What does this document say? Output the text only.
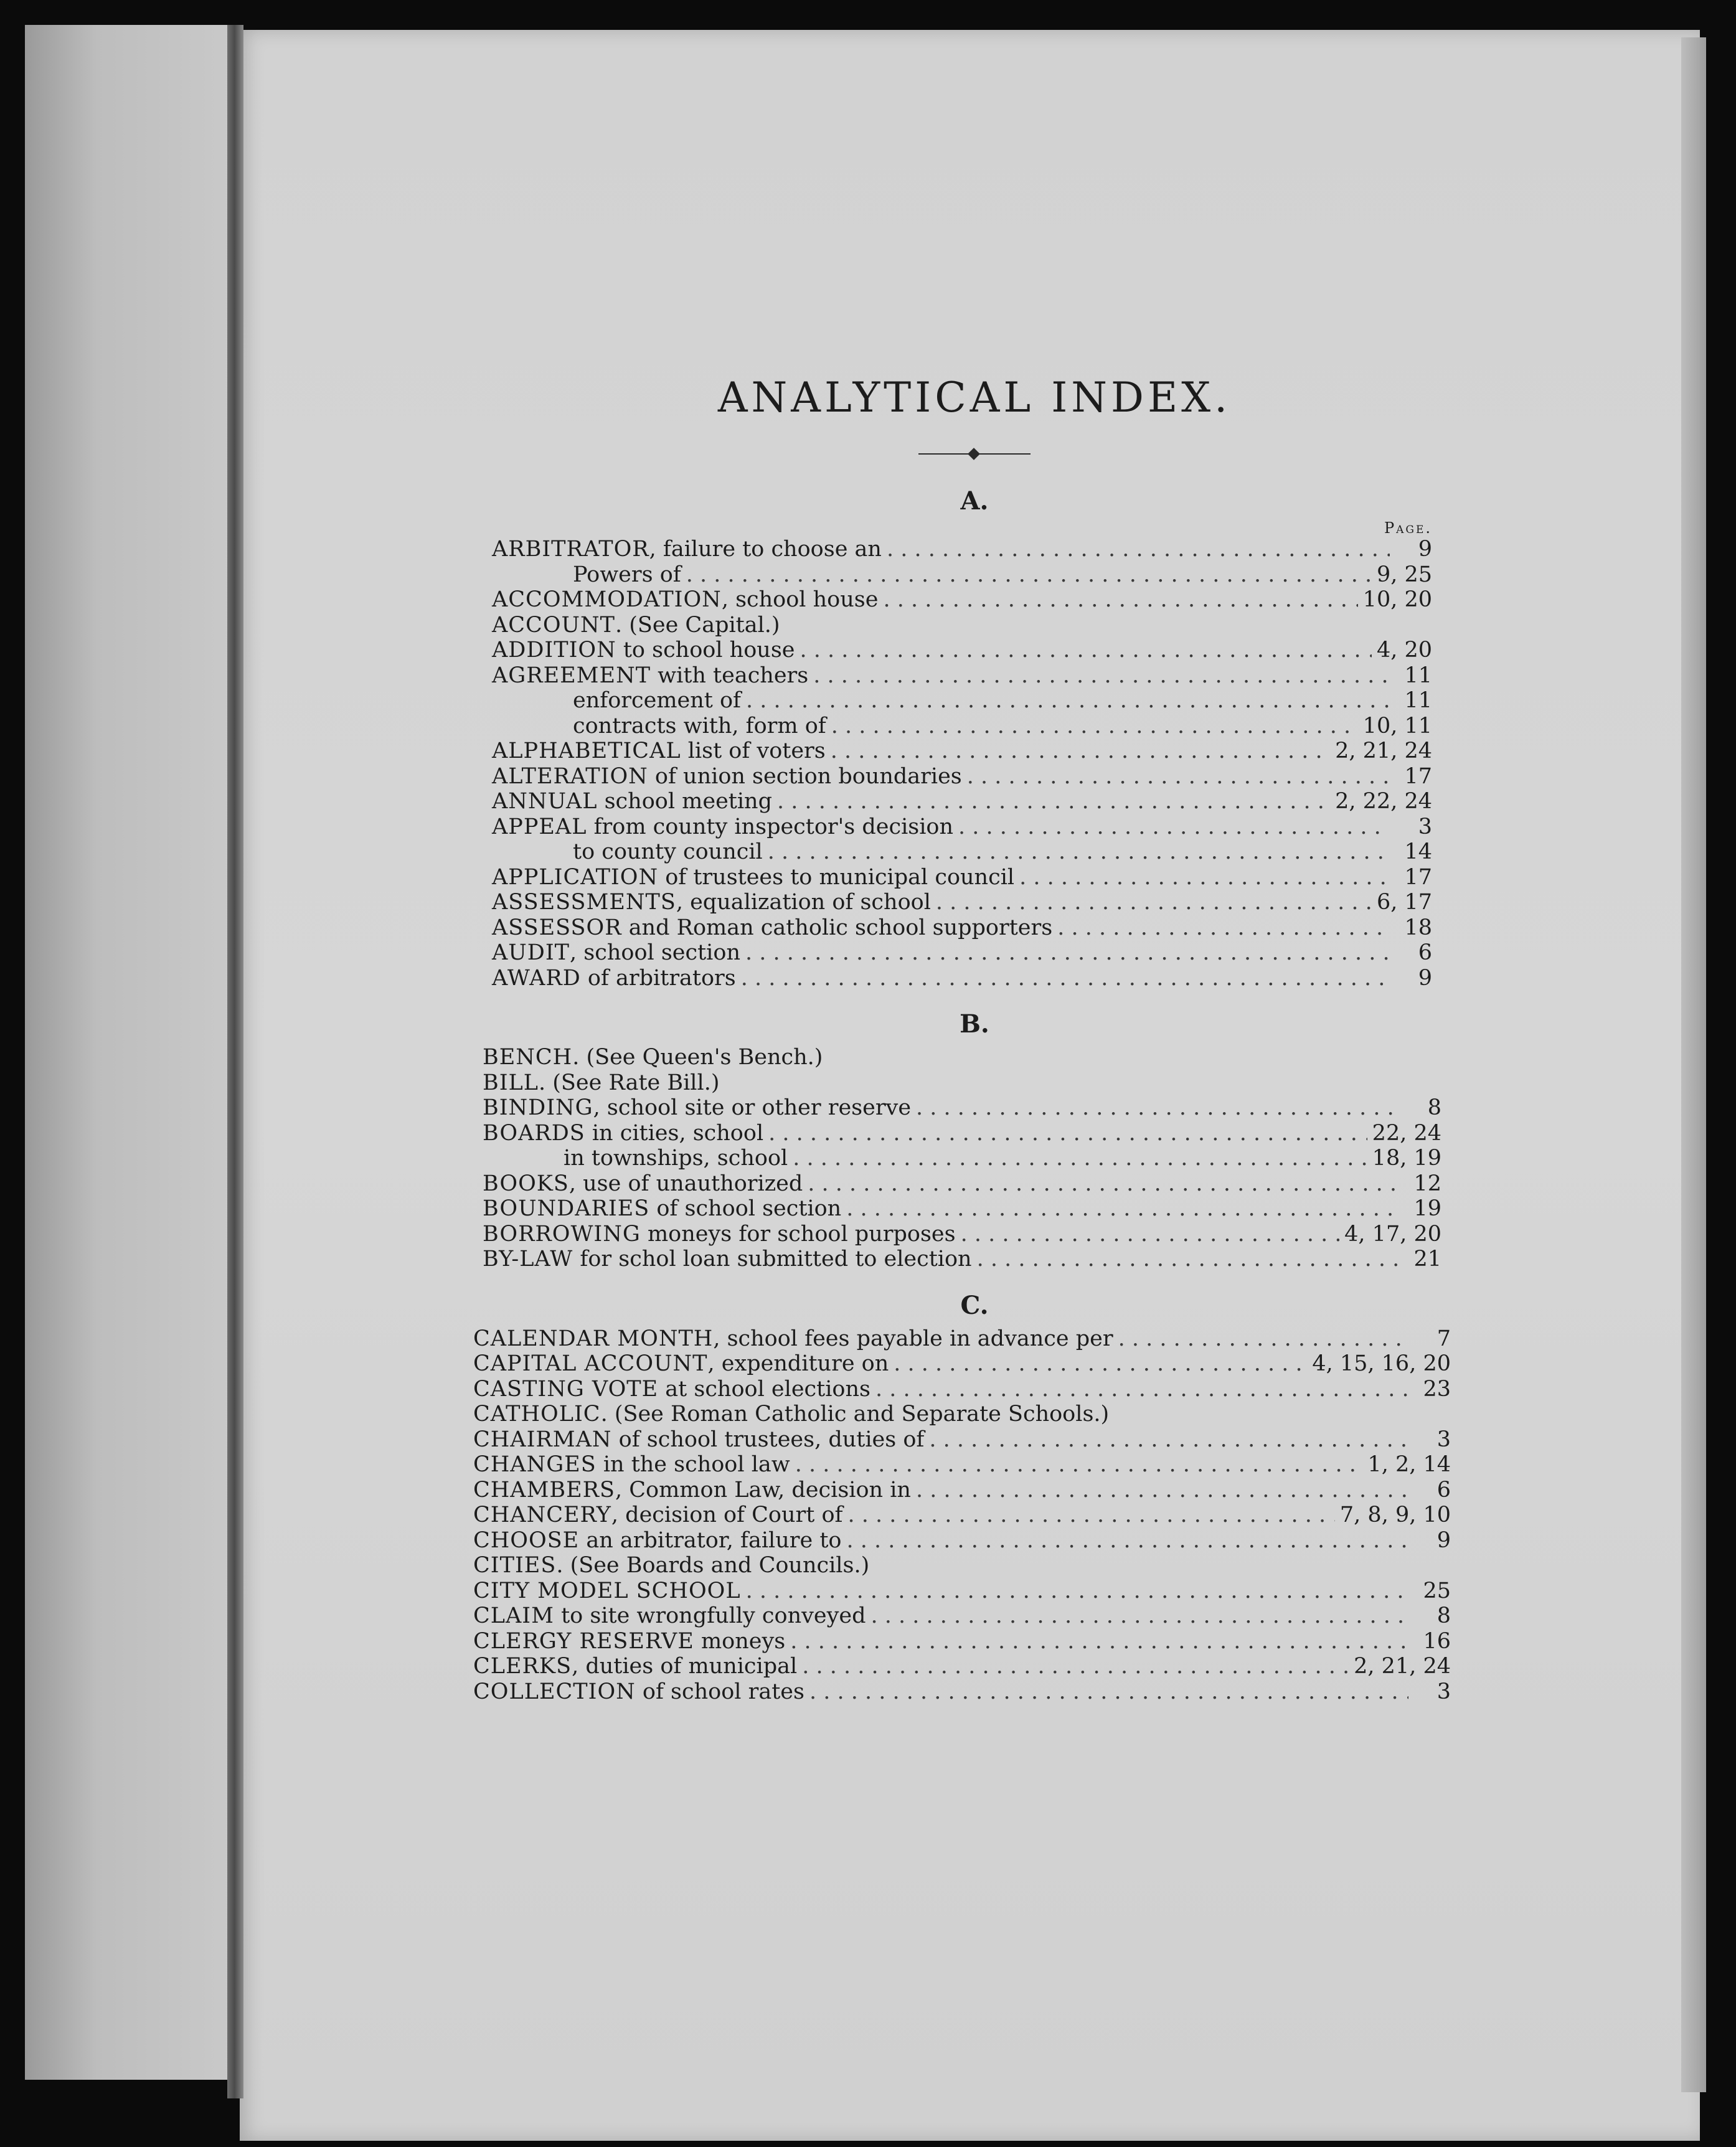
ANALYTICAL INDEX.
A.
Page.
ARBITRATOR, failure to choose an . . .	9
Powers of . . .	9, 25
ACCOMMODATION, school house . . .	10, 20
ACCOUNT. (See Capital.)
ADDITION to school house . . .	4, 20
AGREEMENT with teachers . . .	11
enforcement of . . .	11
contracts with, form of . . .	10, 11
ALPHABETICAL list of voters . . .	2, 21, 24
ALTERATION of union section boundaries . . .	17
ANNUAL school meeting . . .	2, 22, 24
APPEAL from county inspector's decision . . .	3
to county council . . .	14
APPLICATION of trustees to municipal council . . .	17
ASSESSMENTS, equalization of school . . .	6, 17
ASSESSOR and Roman catholic school supporters . . .	18
AUDIT, school section . . .	6
AWARD of arbitrators . . .	9
B.
BENCH. (See Queen's Bench.)
BILL. (See Rate Bill.)
BINDING, school site or other reserve . . .	8
BOARDS in cities, school . . .	22, 24
in townships, school . . .	18, 19
BOOKS, use of unauthorized . . .	12
BOUNDARIES of school section . . .	19
BORROWING moneys for school purposes . . .	4, 17, 20
BY-LAW for schol loan submitted to election . . .	21
C.
CALENDAR MONTH, school fees payable in advance per . . .	7
CAPITAL ACCOUNT, expenditure on . . .	4, 15, 16, 20
CASTING VOTE at school elections . . .	23
CATHOLIC. (See Roman Catholic and Separate Schools.)
CHAIRMAN of school trustees, duties of . . .	3
CHANGES in the school law . . .	1, 2, 14
CHAMBERS, Common Law, decision in . . .	6
CHANCERY, decision of Court of . . .	7, 8, 9, 10
CHOOSE an arbitrator, failure to . . .	9
CITIES. (See Boards and Councils.)
CITY MODEL SCHOOL . . .	25
CLAIM to site wrongfully conveyed . . .	8
CLERGY RESERVE moneys . . .	16
CLERKS, duties of municipal . . .	2, 21, 24
COLLECTION of school rates . . .	3
